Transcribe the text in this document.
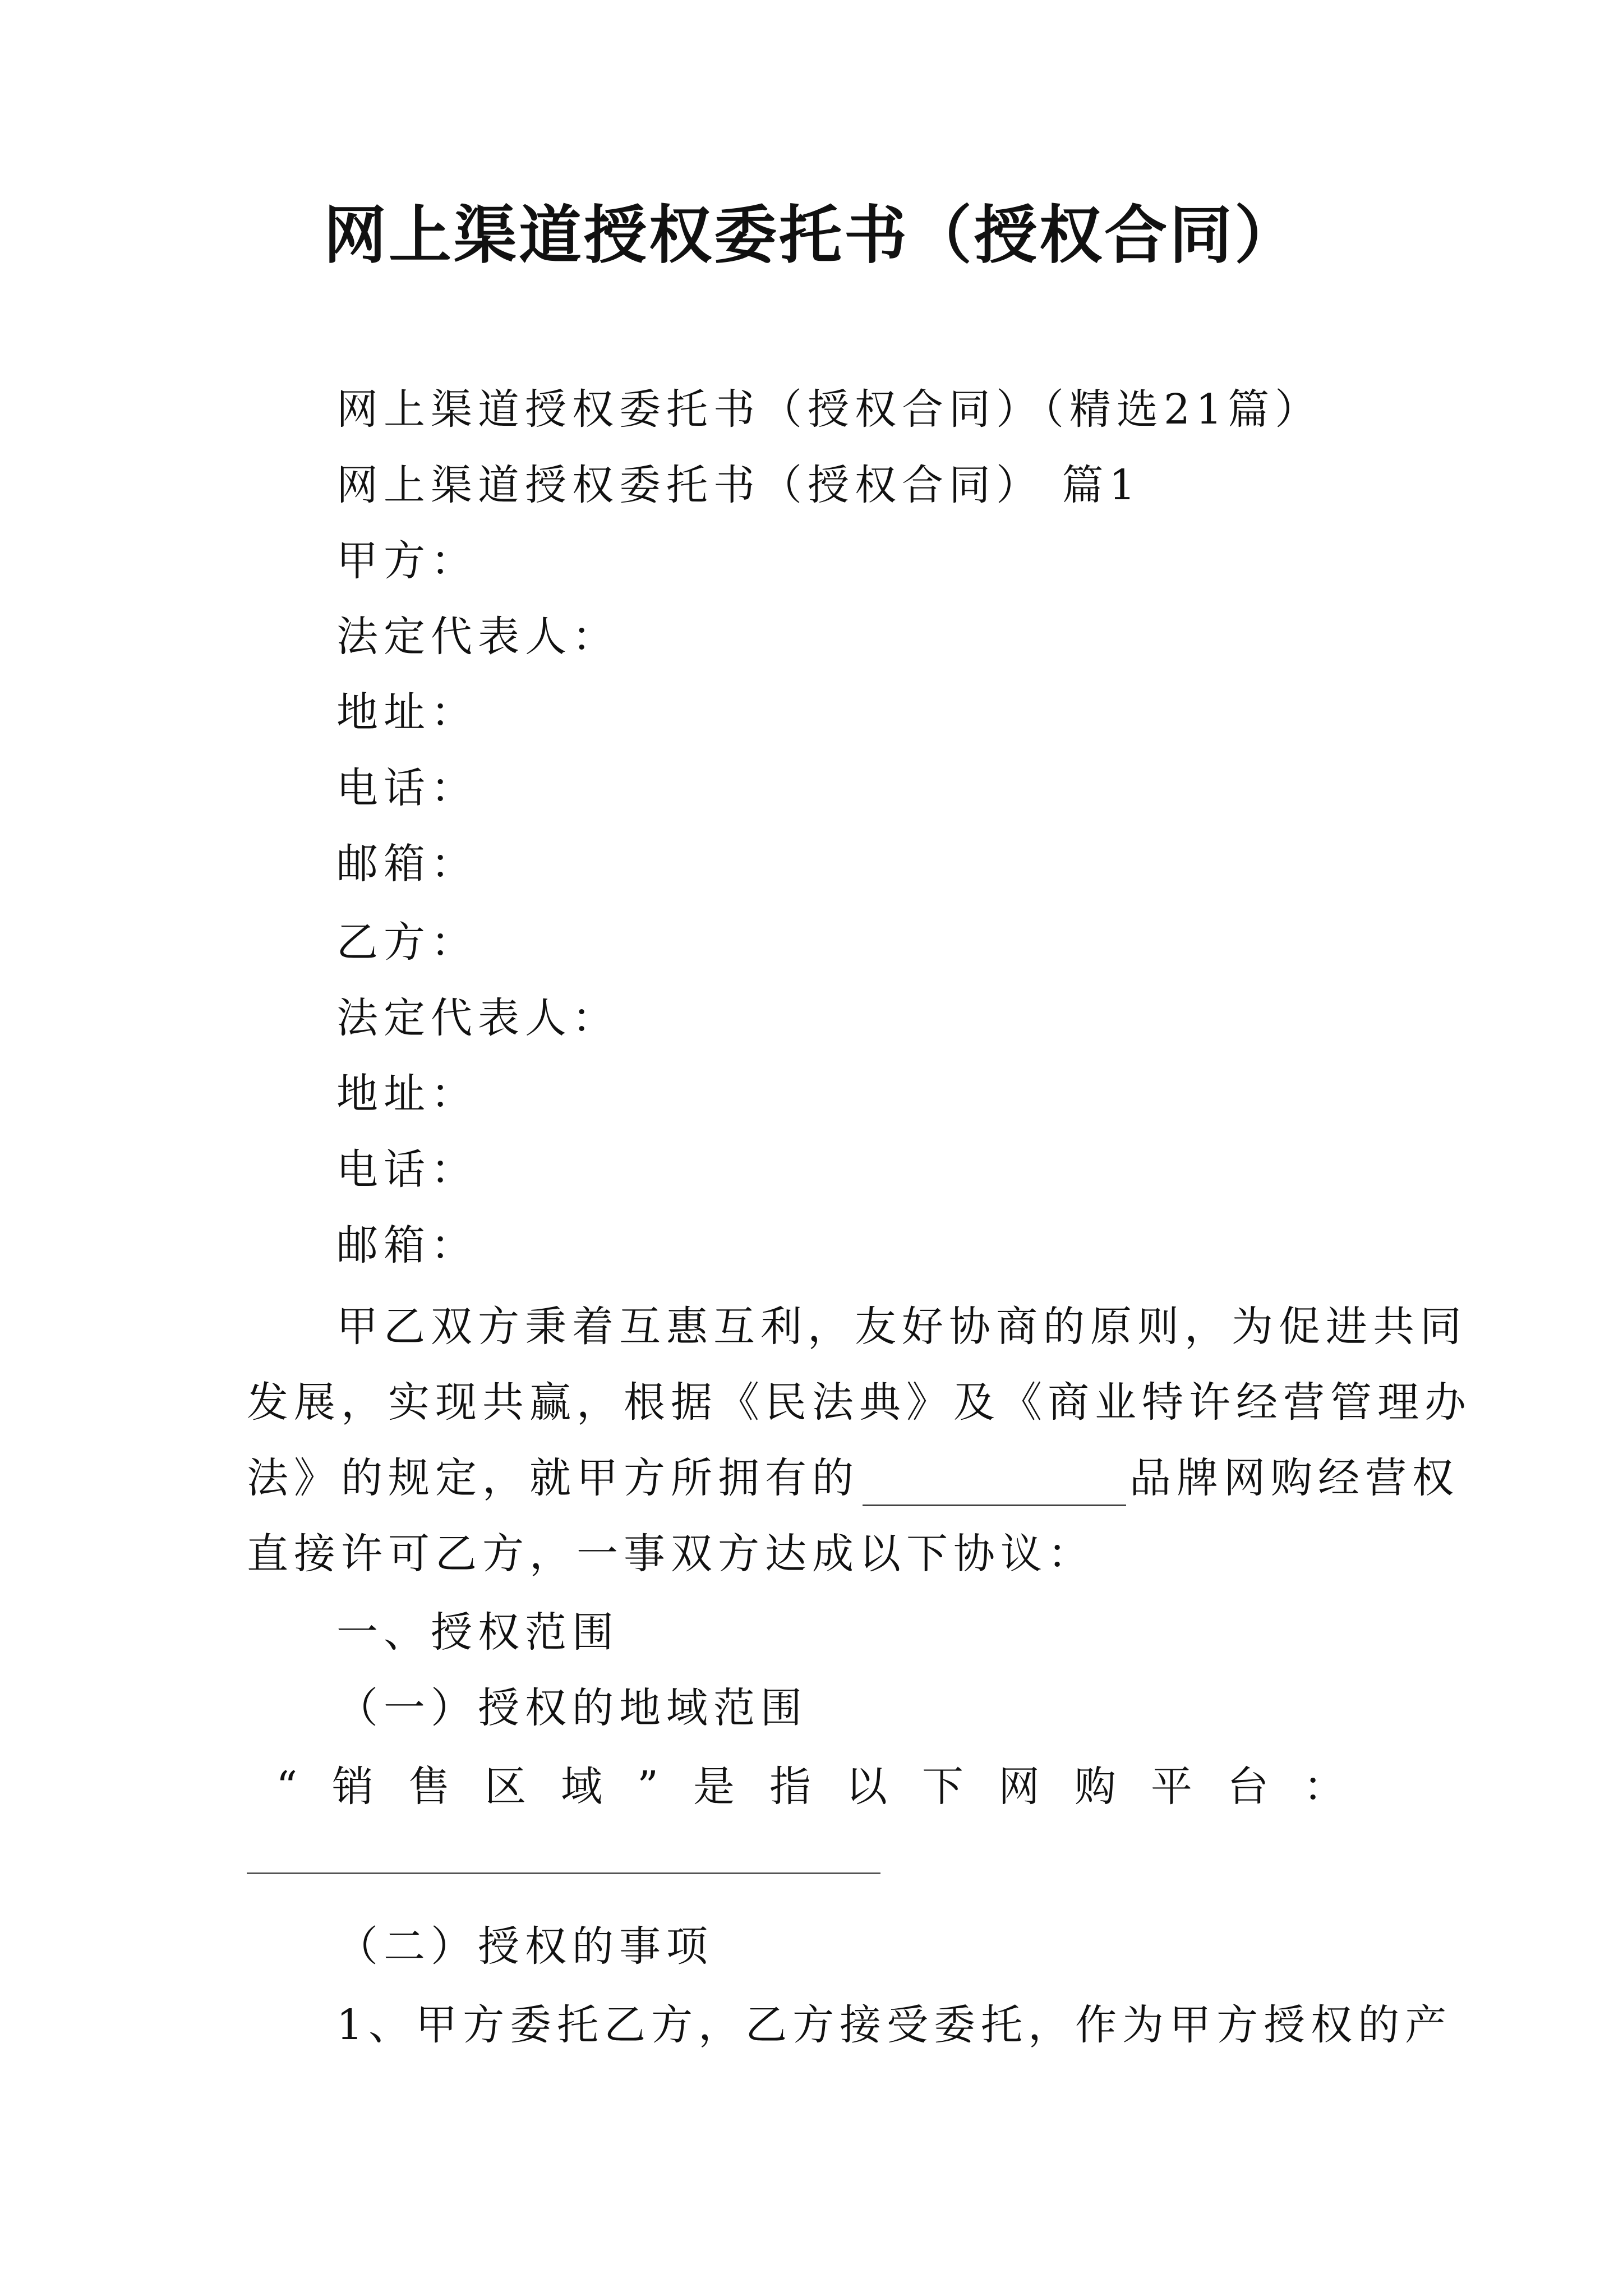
网上渠道授权委托书（授权合同）
网上渠道授权委托书（授权合同）（精选21篇）
网上渠道授权委托书（授权合同） 篇1
甲方：
法定代表人：
地址：
电话：
邮箱：
乙方：
法定代表人：
地址：
电话：
邮箱：
甲乙双方秉着互惠互利，友好协商的原则，为促进共同
发展，实现共赢，根据《民法典》及《商业特许经营管理办
法》的规定，就甲方所拥有的	品牌网购经营权
直接许可乙方，一事双方达成以下协议：
一、授权范围
（一）授权的地域范围
“销售区域”是指以下网购平台：
（二）授权的事项
1、甲方委托乙方，乙方接受委托，作为甲方授权的产
